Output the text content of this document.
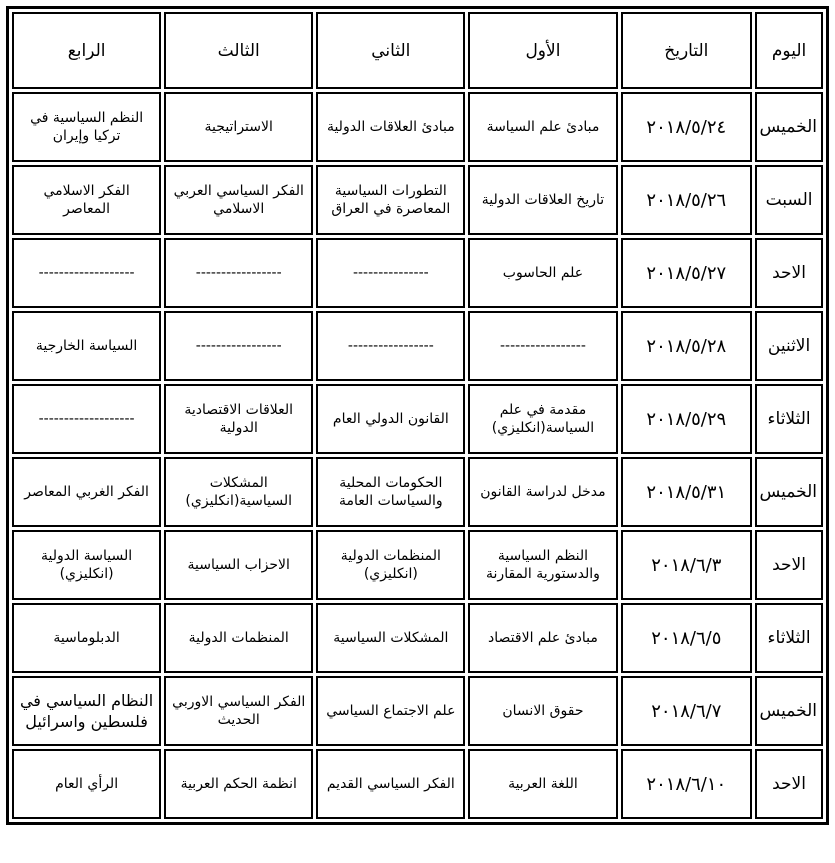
اليوم	التاريخ	الأول	الثاني	الثالث	الرابع
الخميس	٢٠١٨/٥/٢٤	مبادئ علم السياسة	مبادئ العلاقات الدولية	الاستراتيجية	النظم السياسية في تركيا وإيران
السبت	٢٠١٨/٥/٢٦	تاريخ العلاقات الدولية	التطورات السياسية المعاصرة في العراق	الفكر السياسي العربي الاسلامي	الفكر الاسلامي المعاصر
الاحد	٢٠١٨/٥/٢٧	علم الحاسوب	---------------	-----------------	-------------------
الاثنين	٢٠١٨/٥/٢٨	-----------------	-----------------	-----------------	السياسة الخارجية
الثلاثاء	٢٠١٨/٥/٢٩	مقدمة في علم السياسة(انكليزي)	القانون الدولي العام	العلاقات الاقتصادية الدولية	-------------------
الخميس	٢٠١٨/٥/٣١	مدخل لدراسة القانون	الحكومات المحلية والسياسات العامة	المشكلات السياسية(انكليزي)	الفكر الغربي المعاصر
الاحد	٢٠١٨/٦/٣	النظم السياسية والدستورية المقارنة	المنظمات الدولية (انكليزي)	الاحزاب السياسية	السياسة الدولية (انكليزي)
الثلاثاء	٢٠١٨/٦/٥	مبادئ علم الاقتصاد	المشكلات السياسية	المنظمات الدولية	الدبلوماسية
الخميس	٢٠١٨/٦/٧	حقوق الانسان	علم الاجتماع السياسي	الفكر السياسي الاوربي الحديث	النظام السياسي في فلسطين واسرائيل
الاحد	٢٠١٨/٦/١٠	اللغة العربية	الفكر السياسي القديم	انظمة الحكم العربية	الرأي العام
